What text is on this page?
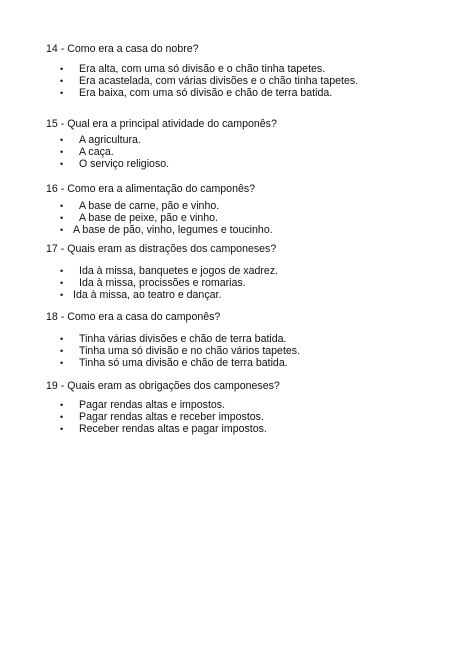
14 - Como era a casa do nobre?

• Era alta, com uma só divisão e o chão tinha tapetes.
• Era acastelada, com várias divisões e o chão tinha tapetes.
• Era baixa, com uma só divisão e chão de terra batida.

15 - Qual era a principal atividade do camponês?

• A agricultura.
• A caça.
• O serviço religioso.

16 - Como era a alimentação do camponês?

• A base de carne, pão e vinho.
• A base de peixe, pão e vinho.
• A base de pão, vinho, legumes e toucinho.

17 - Quais eram as distrações dos camponeses?

• Ida à missa, banquetes e jogos de xadrez.
• Ida à missa, procissões e romarias.
• Ida à missa, ao teatro e dançar.

18 - Como era a casa do camponês?

• Tinha várias divisões e chão de terra batida.
• Tinha uma só divisão e no chão vários tapetes.
• Tinha só uma divisão e chão de terra batida.

19 - Quais eram as obrigações dos camponeses?

• Pagar rendas altas e impostos.
• Pagar rendas altas e receber impostos.
• Receber rendas altas e pagar impostos.
